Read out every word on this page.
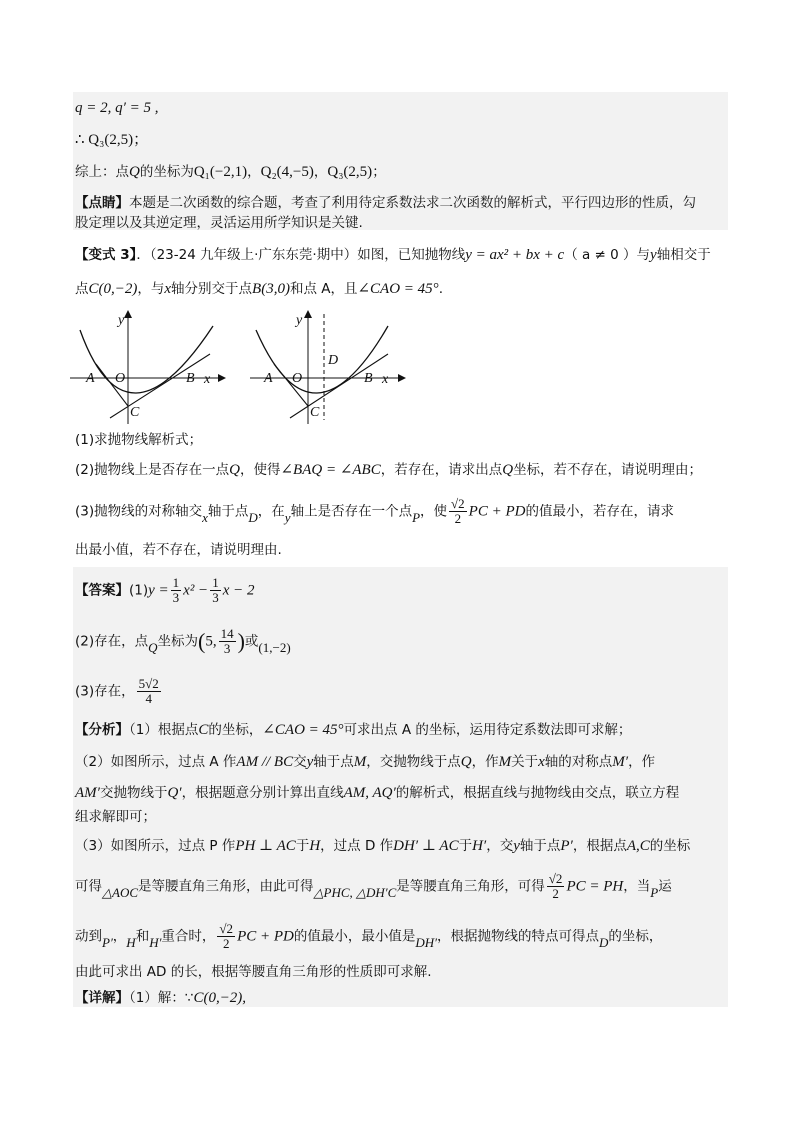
q = 2, q′ = 5 ,
∴ Q₃(2,5)；
综上：点Q的坐标为Q₁(−2,1)，Q₂(4,−5)，Q₃(2,5)；
【点睛】本题是二次函数的综合题，考查了利用待定系数法求二次函数的解析式，平行四边形的性质，勾
股定理以及其逆定理，灵活运用所学知识是关键.
【变式 3】．（23-24 九年级上·广东东莞·期中）如图，已知抛物线y = ax² + bx + c（ a ≠ 0 ）与y轴相交于
点C(0,−2)，与x轴分别交于点B(3,0)和点 A，且∠CAO = 45°.
y
A O	B x
C
y
D
A O	B x
C
(1)求抛物线解析式；
(2)抛物线上是否存在一点Q，使得∠BAQ = ∠ABC，若存在，请求出点Q坐标，若不存在，请说明理由；
(3)抛物线的对称轴交x轴于点D，在y轴上是否存在一个点P，使 $\frac{√2}{2}$ PC + PD的值最小，若存在，请求
出最小值，若不存在，请说明理由.
【答案】$(1)y = \frac{1}{3} x^2 - \frac{1}{3}$ x − 2
(2)存在，点Q坐标为(5, $\frac{14}{3}$ )或(1,−2)
(3)存在， $\frac{5√2}{4}$
【分析】（1）根据点C的坐标，∠CAO = 45°可求出点 A 的坐标，运用待定系数法即可求解；
（2）如图所示，过点 A 作AM // BC交y轴于点M，交抛物线于点Q，作M关于x轴的对称点M′，作
AM′交抛物线于Q′，根据题意分别计算出直线AM, AQ′的解析式，根据直线与抛物线由交点，联立方程
组求解即可；
（3）如图所示，过点 P 作PH ⊥ AC于H，过点 D 作DH′ ⊥ AC于H′，交y轴于点P′，根据点A,C的坐标
可得△AOC是等腰直角三角形，由此可得△PHC, △DH′C是等腰直角三角形，可得 $\frac{√2}{2}$ PC = PH，当P运
动到P′，H和H′重合时， $\frac{√2}{2}$ PC + PD的值最小，最小值是DH′，根据抛物线的特点可得点D的坐标，
由此可求出 AD 的长，根据等腰直角三角形的性质即可求解.
【详解】（1）解：∵C(0,−2),
